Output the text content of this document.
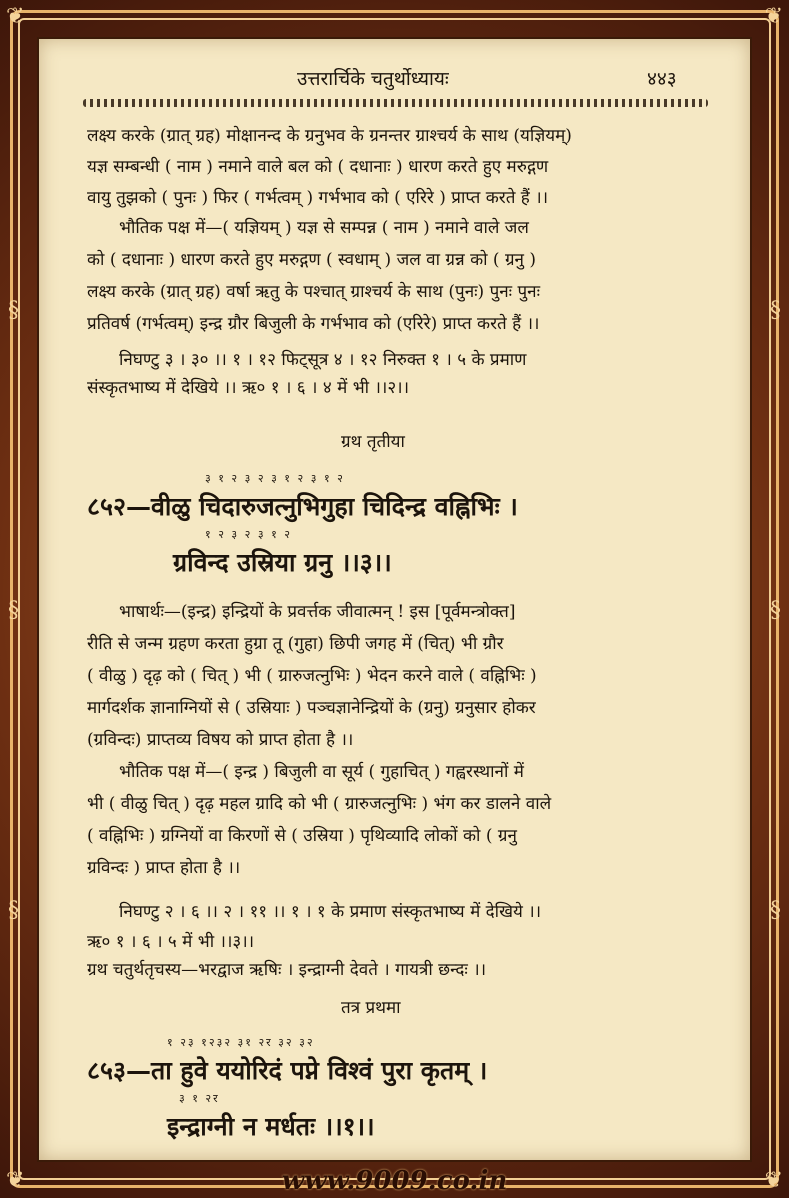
❦	❦
❦	❦
§
§
§
§
§
§
उत्तरार्चिके चतुर्थोध्यायः	४४३
लक्ष्य करके (ग्रात् ग्रह) मोक्षानन्द के ग्रनुभव के ग्रनन्तर ग्राश्चर्य के साथ (यज्ञियम्)
यज्ञ सम्बन्धी ( नाम ) नमाने वाले बल को ( दधानाः ) धारण करते हुए मरुद्गण
वायु तुझको ( पुनः ) फिर ( गर्भत्वम् ) गर्भभाव को ( एरिरे ) प्राप्त करते हैं ।।
भौतिक पक्ष में—( यज्ञियम् ) यज्ञ से सम्पन्न ( नाम ) नमाने वाले जल
को ( दधानाः ) धारण करते हुए मरुद्गण ( स्वधाम् ) जल वा ग्रन्न को ( ग्रनु )
लक्ष्य करके (ग्रात् ग्रह) वर्षा ऋतु के पश्चात् ग्राश्चर्य के साथ (पुनः) पुनः पुनः
प्रतिवर्ष (गर्भत्वम्) इन्द्र ग्रौर बिजुली के गर्भभाव को (एरिरे) प्राप्त करते हैं ।।
निघण्टु ३ । ३० ।। १ । १२ फिट्सूत्र ४ । १२ निरुक्त १ । ५ के प्रमाण
संस्कृतभाष्य में देखिये ।। ऋ० १ । ६ । ४ में भी ।।२।।
ग्रथ तृतीया
३ १ २ ३ २ ३ १ २ ३ १ २
८५२—वीळु चिदारुजत्नुभिगुहा चिदिन्द्र वह्निभिः ।
१ २ ३ २ ३ १ २
ग्रविन्द उस्रिया ग्रनु ।।३।।
भाषार्थः—(इन्द्र) इन्द्रियों के प्रवर्त्तक जीवात्मन् ! इस [पूर्वमन्त्रोक्त]
रीति से जन्म ग्रहण करता हुग्रा तू (गुहा) छिपी जगह में (चित्) भी ग्रौर
( वीळु ) दृढ़ को ( चित् ) भी ( ग्रारुजत्नुभिः ) भेदन करने वाले ( वह्निभिः )
मार्गदर्शक ज्ञानाग्नियों से ( उस्रियाः ) पञ्चज्ञानेन्द्रियों के (ग्रनु) ग्रनुसार होकर
(ग्रविन्दः) प्राप्तव्य विषय को प्राप्त होता है ।।
भौतिक पक्ष में—( इन्द्र ) बिजुली वा सूर्य ( गुहाचित् ) गह्वरस्थानों में
भी ( वीळु चित् ) दृढ़ महल ग्रादि को भी ( ग्रारुजत्नुभिः ) भंग कर डालने वाले
( वह्निभिः ) ग्रग्नियों वा किरणों से ( उस्रिया ) पृथिव्यादि लोकों को ( ग्रनु
ग्रविन्दः ) प्राप्त होता है ।।
निघण्टु २ । ६ ।। २ । ११ ।। १ । १ के प्रमाण संस्कृतभाष्य में देखिये ।।
ऋ० १ । ६ । ५ में भी ।।३।।
ग्रथ चतुर्थतृचस्य—भरद्वाज ऋषिः । इन्द्राग्नी देवते । गायत्री छन्दः ।।
तत्र प्रथमा
१ २३ १२३२ ३१ २र ३२ ३२
८५३—ता हुवे ययोरिदं पप्ने विश्वं पुरा कृतम् ।
३ १ २र
इन्द्राग्नी न मर्धतः ।।१।।
www.9009.co.in
